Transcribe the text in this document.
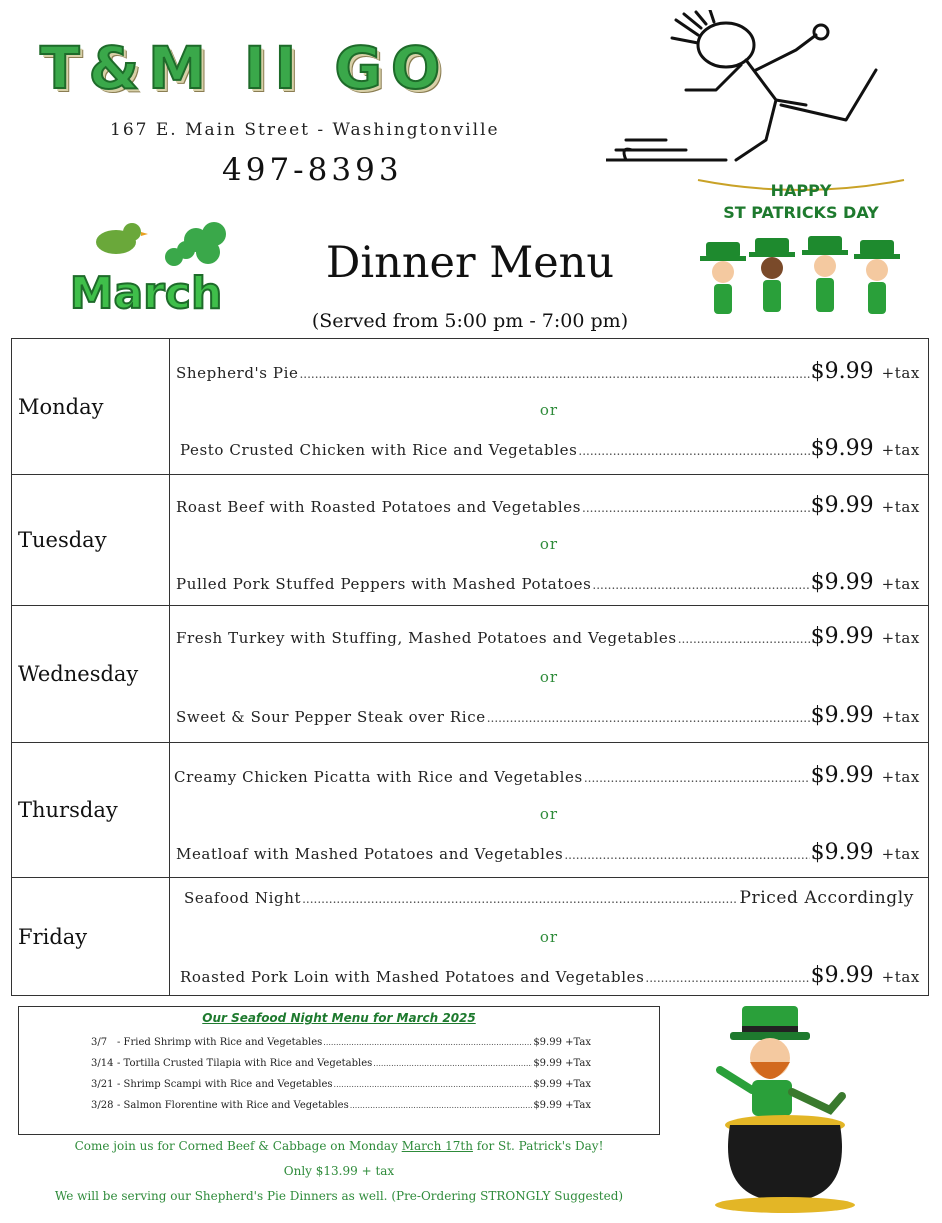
T&M II GO
167 E. Main Street - Washingtonville
497-8393
HAPPY
ST PATRICKS DAY
March
Dinner Menu
(Served from 5:00 pm - 7:00 pm)
Monday
Shepherd's Pie .....	$9.99 +tax
or
Pesto Crusted Chicken with Rice and Vegetables .....	$9.99 +tax
Tuesday
Roast Beef with Roasted Potatoes and Vegetables .....	$9.99 +tax
or
Pulled Pork Stuffed Peppers with Mashed Potatoes .....	$9.99 +tax
Wednesday
Fresh Turkey with Stuffing, Mashed Potatoes and Vegetables .....	$9.99 +tax
or
Sweet & Sour Pepper Steak over Rice .....	$9.99 +tax
Thursday
Creamy Chicken Picatta with Rice and Vegetables .....	$9.99 +tax
or
Meatloaf with Mashed Potatoes and Vegetables .....	$9.99 +tax
Friday
Seafood Night .....	Priced Accordingly
or
Roasted Pork Loin with Mashed Potatoes and Vegetables .....	$9.99 +tax
Our Seafood Night Menu for March 2025
3/7 - Fried Shrimp with Rice and Vegetables .....	$9.99 +Tax
3/14 - Tortilla Crusted Tilapia with Rice and Vegetables .....	$9.99 +Tax
3/21 - Shrimp Scampi with Rice and Vegetables .....	$9.99 +Tax
3/28 - Salmon Florentine with Rice and Vegetables .....	$9.99 +Tax
Come join us for Corned Beef & Cabbage on Monday March 17th for St. Patrick's Day!
Only $13.99 + tax
We will be serving our Shepherd's Pie Dinners as well. (Pre-Ordering STRONGLY Suggested)
